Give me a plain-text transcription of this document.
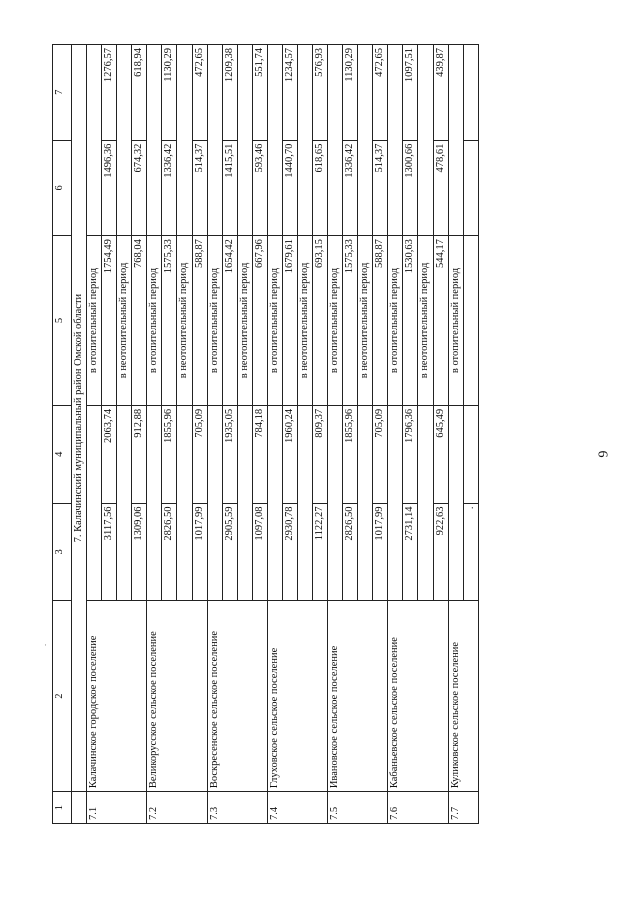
6
1	2	3	4	5	6	7
	7. Калачинский муниципальный район Омской области					
7.1	Калачинское городское поселение			в отопительный период		
		3117,56	2063,74	1754,49	1496,36	1276,57
				в неотопительный период		
		1309,06	912,88	768,04	674,32	618,94
7.2	Великорусское сельское поселение			в отопительный период		
		2826,50	1855,96	1575,33	1336,42	1130,29
				в неотопительный период		
		1017,99	705,09	588,87	514,37	472,65
7.3	Воскресенское сельское поселение			в отопительный период		
		2905,59	1935,05	1654,42	1415,51	1209,38
				в неотопительный период		
		1097,08	784,18	667,96	593,46	551,74
7.4	Глуховское сельское поселение			в отопительный период		
		2930,78	1960,24	1679,61	1440,70	1234,57
				в неотопительный период		
		1122,27	809,37	693,15	618,65	576,93
7.5	Ивановское сельское поселение			в отопительный период		
		2826,50	1855,96	1575,33	1336,42	1130,29
				в неотопительный период		
		1017,99	705,09	588,87	514,37	472,65
7.6	Кабаньевское сельское поселение			в отопительный период		
		2731,14	1796,36	1530,63	1300,66	1097,51
				в неотопительный период		
		922,63	645,49	544,17	478,61	439,87
7.7	Куликовское сельское поселение			в отопительный период		
		.				
·
